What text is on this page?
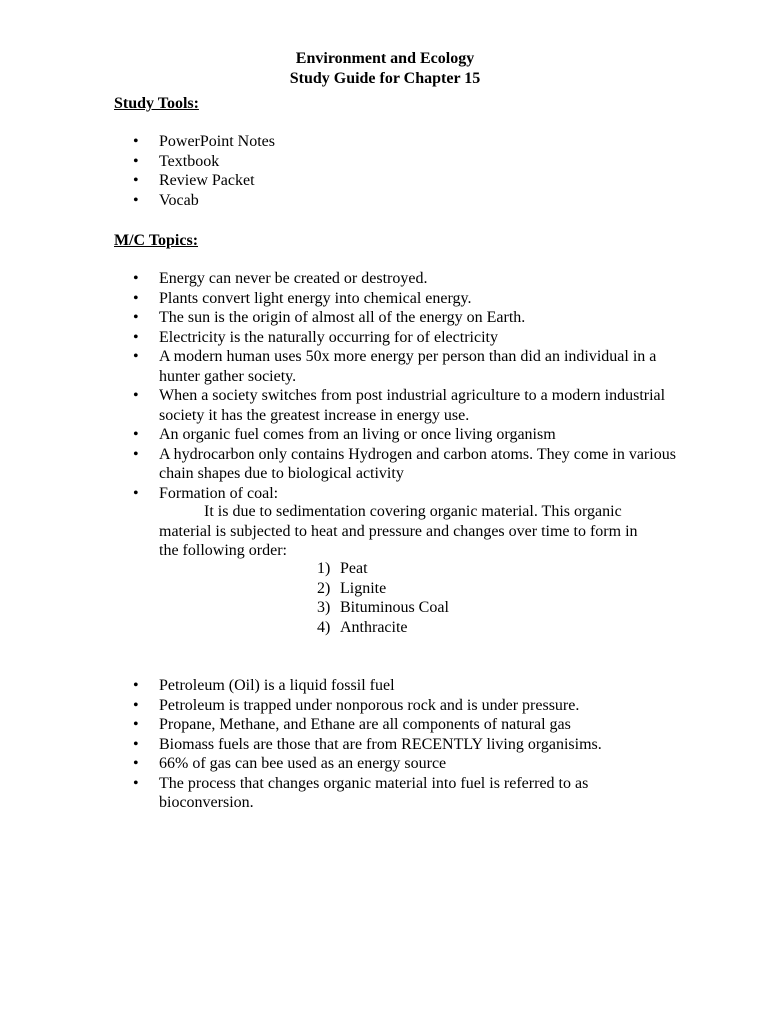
Environment and Ecology
Study Guide for Chapter 15
Study Tools:
• PowerPoint Notes
• Textbook
• Review Packet
• Vocab
M/C Topics:
• Energy can never be created or destroyed.
• Plants convert light energy into chemical energy.
• The sun is the origin of almost all of the energy on Earth.
• Electricity is the naturally occurring for of electricity
• A modern human uses 50x more energy per person than did an individual in a hunter gather society.
• When a society switches from post industrial agriculture to a modern industrial society it has the greatest increase in energy use.
• An organic fuel comes from an living or once living organism
• A hydrocarbon only contains Hydrogen and carbon atoms. They come in various chain shapes due to biological activity
• Formation of coal:
It is due to sedimentation covering organic material. This organic material is subjected to heat and pressure and changes over time to form in the following order:
1) Peat
2) Lignite
3) Bituminous Coal
4) Anthracite
• Petroleum (Oil) is a liquid fossil fuel
• Petroleum is trapped under nonporous rock and is under pressure.
• Propane, Methane, and Ethane are all components of natural gas
• Biomass fuels are those that are from RECENTLY living organisims.
• 66% of gas can bee used as an energy source
• The process that changes organic material into fuel is referred to as bioconversion.
